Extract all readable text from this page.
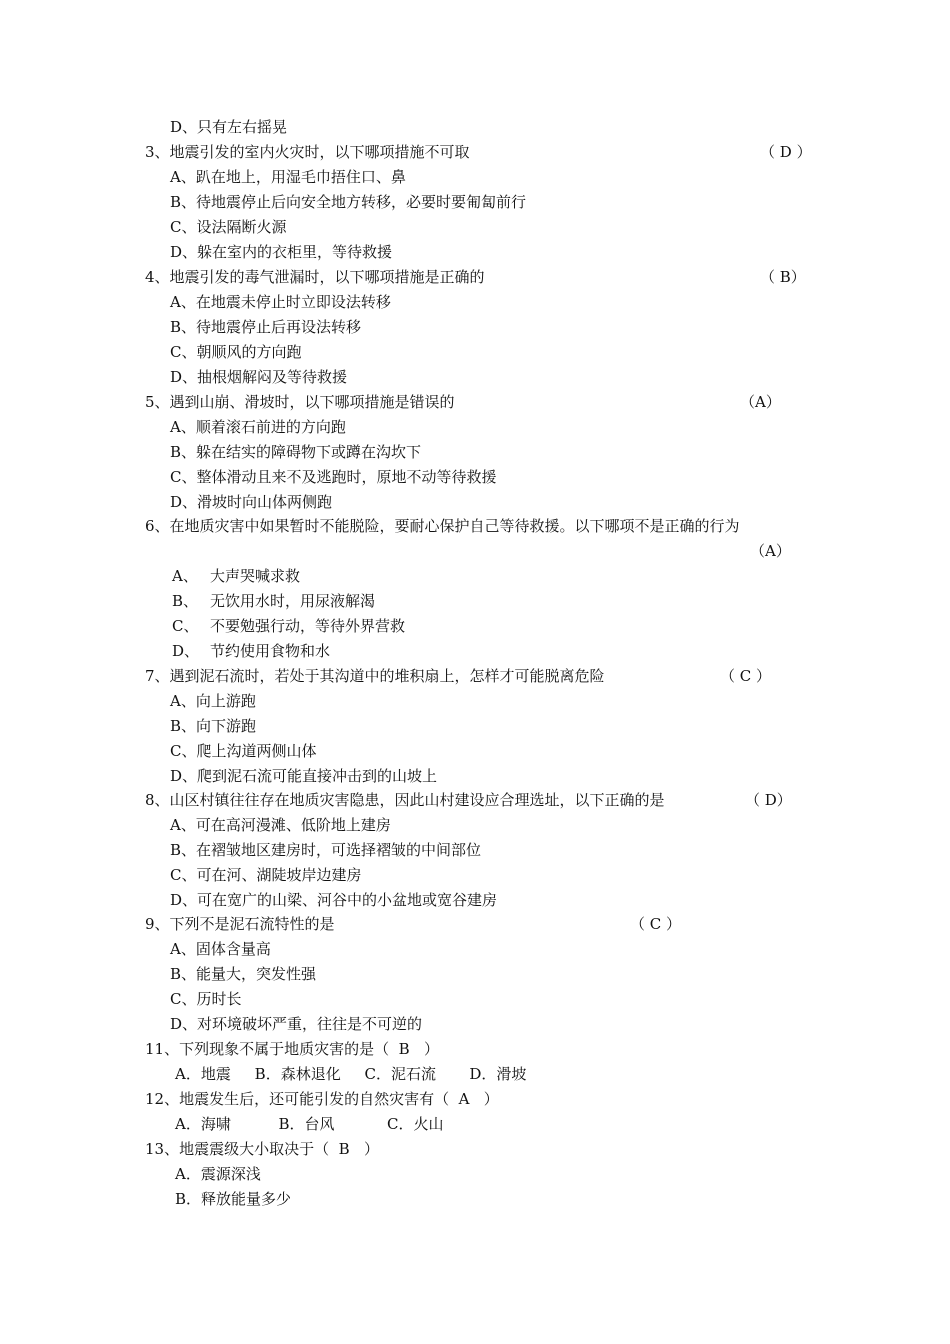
D、只有左右摇晃
3、地震引发的室内火灾时，以下哪项措施不可取	（ D ）
A、趴在地上，用湿毛巾捂住口、鼻
B、待地震停止后向安全地方转移，必要时要匍匐前行
C、设法隔断火源
D、躲在室内的衣柜里，等待救援
4、地震引发的毒气泄漏时，以下哪项措施是正确的	（ B）
A、在地震未停止时立即设法转移
B、待地震停止后再设法转移
C、朝顺风的方向跑
D、抽根烟解闷及等待救援
5、遇到山崩、滑坡时，以下哪项措施是错误的	（A）
A、顺着滚石前进的方向跑
B、躲在结实的障碍物下或蹲在沟坎下
C、整体滑动且来不及逃跑时，原地不动等待救援
D、滑坡时向山体两侧跑
6、在地质灾害中如果暂时不能脱险，要耐心保护自己等待救援。以下哪项不是正确的行为
（A）
A、 大声哭喊求救
B、 无饮用水时，用尿液解渴
C、 不要勉强行动，等待外界营救
D、 节约使用食物和水
7、遇到泥石流时，若处于其沟道中的堆积扇上，怎样才可能脱离危险	（ C ）
A、向上游跑
B、向下游跑
C、爬上沟道两侧山体
D、爬到泥石流可能直接冲击到的山坡上
8、山区村镇往往存在地质灾害隐患，因此山村建设应合理选址，以下正确的是	（ D）
A、可在高河漫滩、低阶地上建房
B、在褶皱地区建房时，可选择褶皱的中间部位
C、可在河、湖陡坡岸边建房
D、可在宽广的山梁、河谷中的小盆地或宽谷建房
9、下列不是泥石流特性的是	（ C ）
A、固体含量高
B、能量大，突发性强
C、历时长
D、对环境破坏严重，往往是不可逆的
11、下列现象不属于地质灾害的是（  B   ）
A．地震     B．森林退化     C．泥石流       D．滑坡
12、地震发生后，还可能引发的自然灾害有（  A   ）
A．海啸          B．台风           C．火山
13、地震震级大小取决于（  B   ）
A．震源深浅
B．释放能量多少
